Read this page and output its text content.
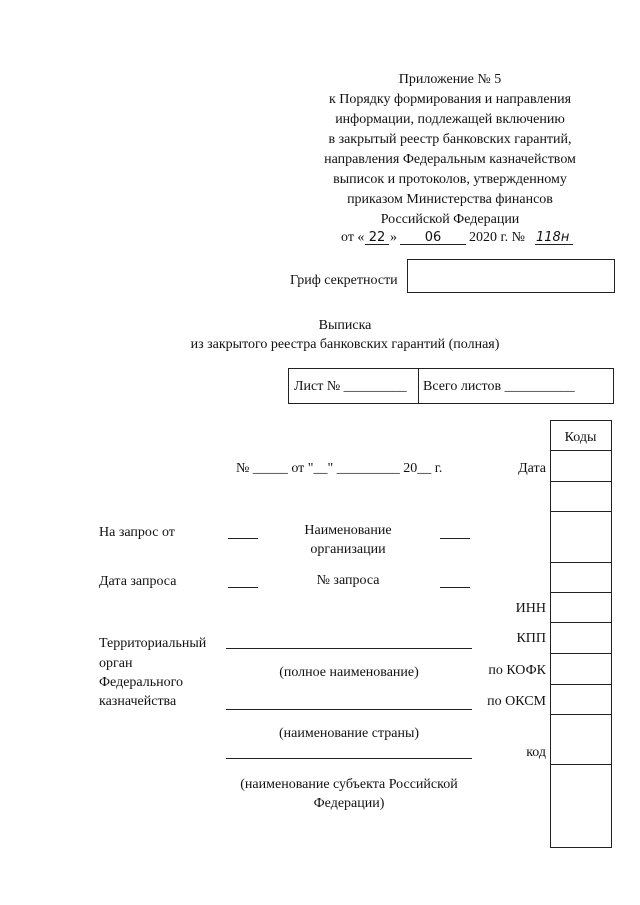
Приложение № 5
к Порядку формирования и направления
информации, подлежащей включению
в закрытый реестр банковских гарантий,
направления Федеральным казначейством
выписок и протоколов, утвержденному
приказом Министерства финансов
Российской Федерации
от « 22 »	06	2020 г. № 118н
Гриф секретности
Выписка
из закрытого реестра банковских гарантий (полная)
Лист № _________ Всего листов __________
Коды
№ _____ от "__" _________ 20__ г.	Дата
На запрос от	Наименование
организации
Дата запроса	№ запроса
ИНН
КПП
Территориальный
орган
Федерального
казначейства
(полное наименование)	по КОФК
по ОКСМ
(наименование страны)
код
(наименование субъекта Российской
Федерации)
